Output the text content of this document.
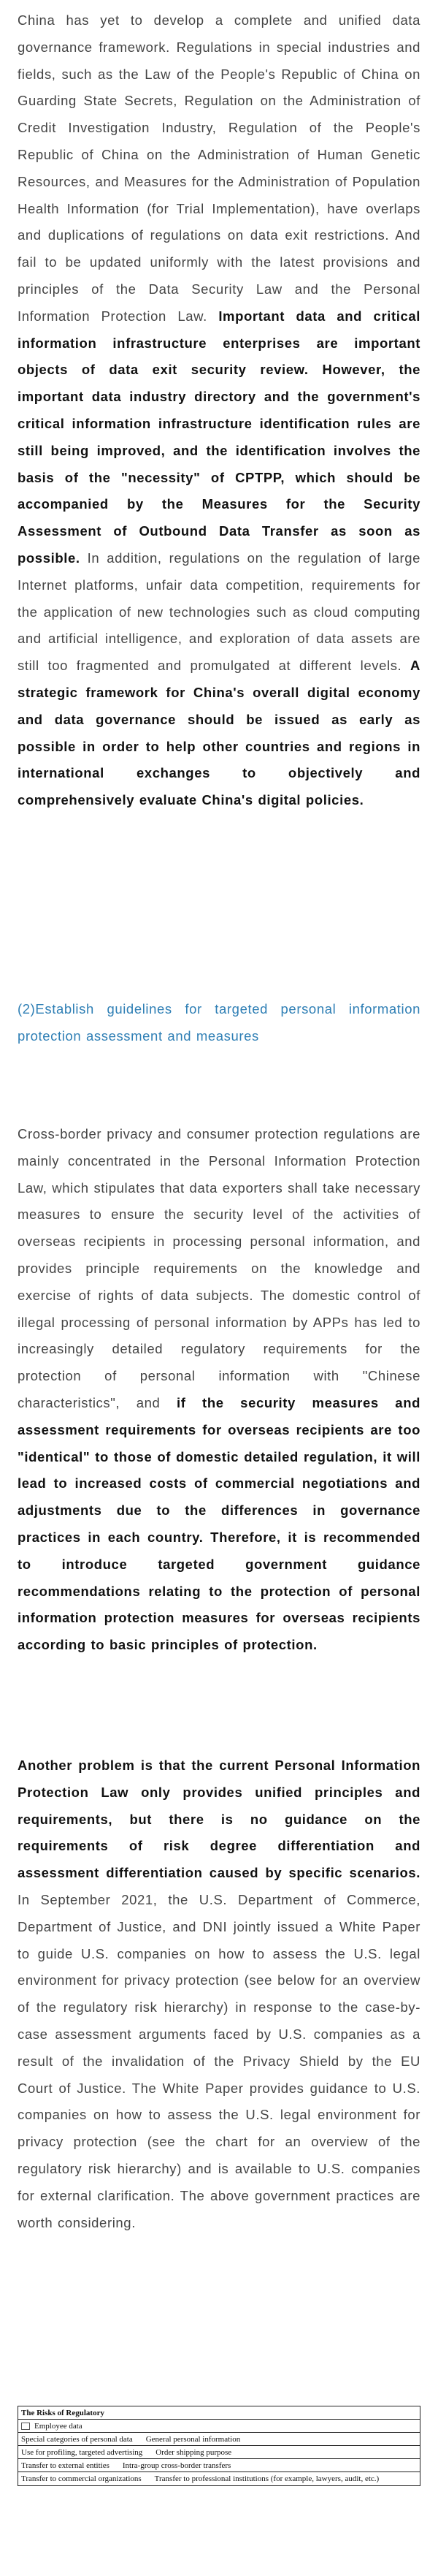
China has yet to develop a complete and unified data governance framework. Regulations in special industries and fields, such as the Law of the People's Republic of China on Guarding State Secrets, Regulation on the Administration of Credit Investigation Industry, Regulation of the People's Republic of China on the Administration of Human Genetic Resources, and Measures for the Administration of Population Health Information (for Trial Implementation), have overlaps and duplications of regulations on data exit restrictions. And fail to be updated uniformly with the latest provisions and principles of the Data Security Law and the Personal Information Protection Law. Important data and critical information infrastructure enterprises are important objects of data exit security review. However, the important data industry directory and the government's critical information infrastructure identification rules are still being improved, and the identification involves the basis of the "necessity" of CPTPP, which should be accompanied by the Measures for the Security Assessment of Outbound Data Transfer as soon as possible. In addition, regulations on the regulation of large Internet platforms, unfair data competition, requirements for the application of new technologies such as cloud computing and artificial intelligence, and exploration of data assets are still too fragmented and promulgated at different levels. A strategic framework for China's overall digital economy and data governance should be issued as early as possible in order to help other countries and regions in international exchanges to objectively and comprehensively evaluate China's digital policies.

(2)Establish guidelines for targeted personal information protection assessment and measures

Cross-border privacy and consumer protection regulations are mainly concentrated in the Personal Information Protection Law, which stipulates that data exporters shall take necessary measures to ensure the security level of the activities of overseas recipients in processing personal information, and provides principle requirements on the knowledge and exercise of rights of data subjects. The domestic control of illegal processing of personal information by APPs has led to increasingly detailed regulatory requirements for the protection of personal information with "Chinese characteristics", and if the security measures and assessment requirements for overseas recipients are too "identical" to those of domestic detailed regulation, it will lead to increased costs of commercial negotiations and adjustments due to the differences in governance practices in each country. Therefore, it is recommended to introduce targeted government guidance recommendations relating to the protection of personal information protection measures for overseas recipients according to basic principles of protection.

Another problem is that the current Personal Information Protection Law only provides unified principles and requirements, but there is no guidance on the requirements of risk degree differentiation and assessment differentiation caused by specific scenarios. In September 2021, the U.S. Department of Commerce, Department of Justice, and DNI jointly issued a White Paper to guide U.S. companies on how to assess the U.S. legal environment for privacy protection (see below for an overview of the regulatory risk hierarchy) in response to the case-by-case assessment arguments faced by U.S. companies as a result of the invalidation of the Privacy Shield by the EU Court of Justice. The White Paper provides guidance to U.S. companies on how to assess the U.S. legal environment for privacy protection (see the chart for an overview of the regulatory risk hierarchy) and is available to U.S. companies for external clarification. The above government practices are worth considering.

The Risks of Regulatory
Employee data
Special categories of personal data General personal information
Use for profiling, targeted advertising Order shipping purpose
Transfer to external entities Intra-group cross-border transfers
Transfer to commercial organizations Transfer to professional institutions (for example, lawyers, audit, etc.)
